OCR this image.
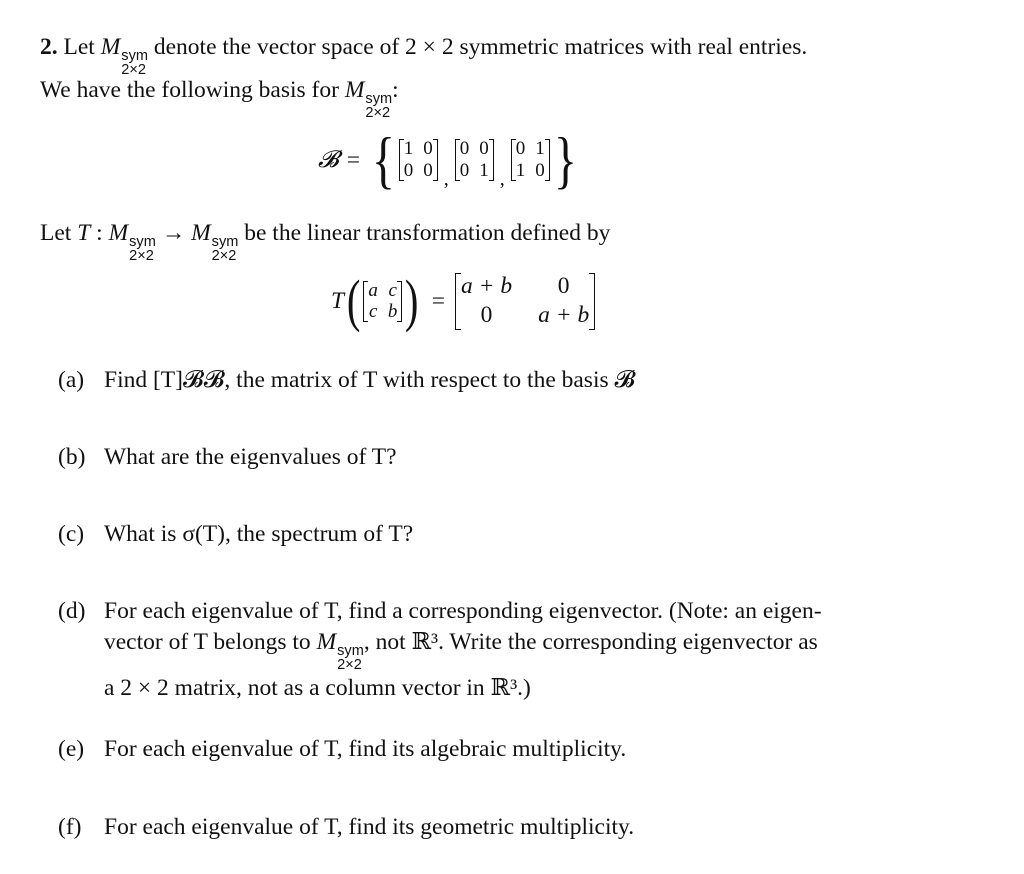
2. Let M sym
2×2
denote the vector space of 2 × 2 symmetric matrices with real entries.
We have the following basis for M sym
2×2
:
𝓑 = { 1 0
0 0 ,
0 0
0 1 ,
0 1
1 0 }
Let T : M sym
2×2
→ M sym
2×2
be the linear transformation defined by
T ( a c
c b ) =
a + b	0
0	a + b
(a) Find [T]𝓑𝓑, the matrix of T with respect to the basis 𝓑
(b) What are the eigenvalues of T?
(c) What is σ(T), the spectrum of T?
(d) For each eigenvalue of T, find a corresponding eigenvector. (Note: an eigen-
vector of T belongs to M sym
2×2
, not ℝ³. Write the corresponding eigenvector as
a 2 × 2 matrix, not as a column vector in ℝ³.)
(e) For each eigenvalue of T, find its algebraic multiplicity.
(f) For each eigenvalue of T, find its geometric multiplicity.
